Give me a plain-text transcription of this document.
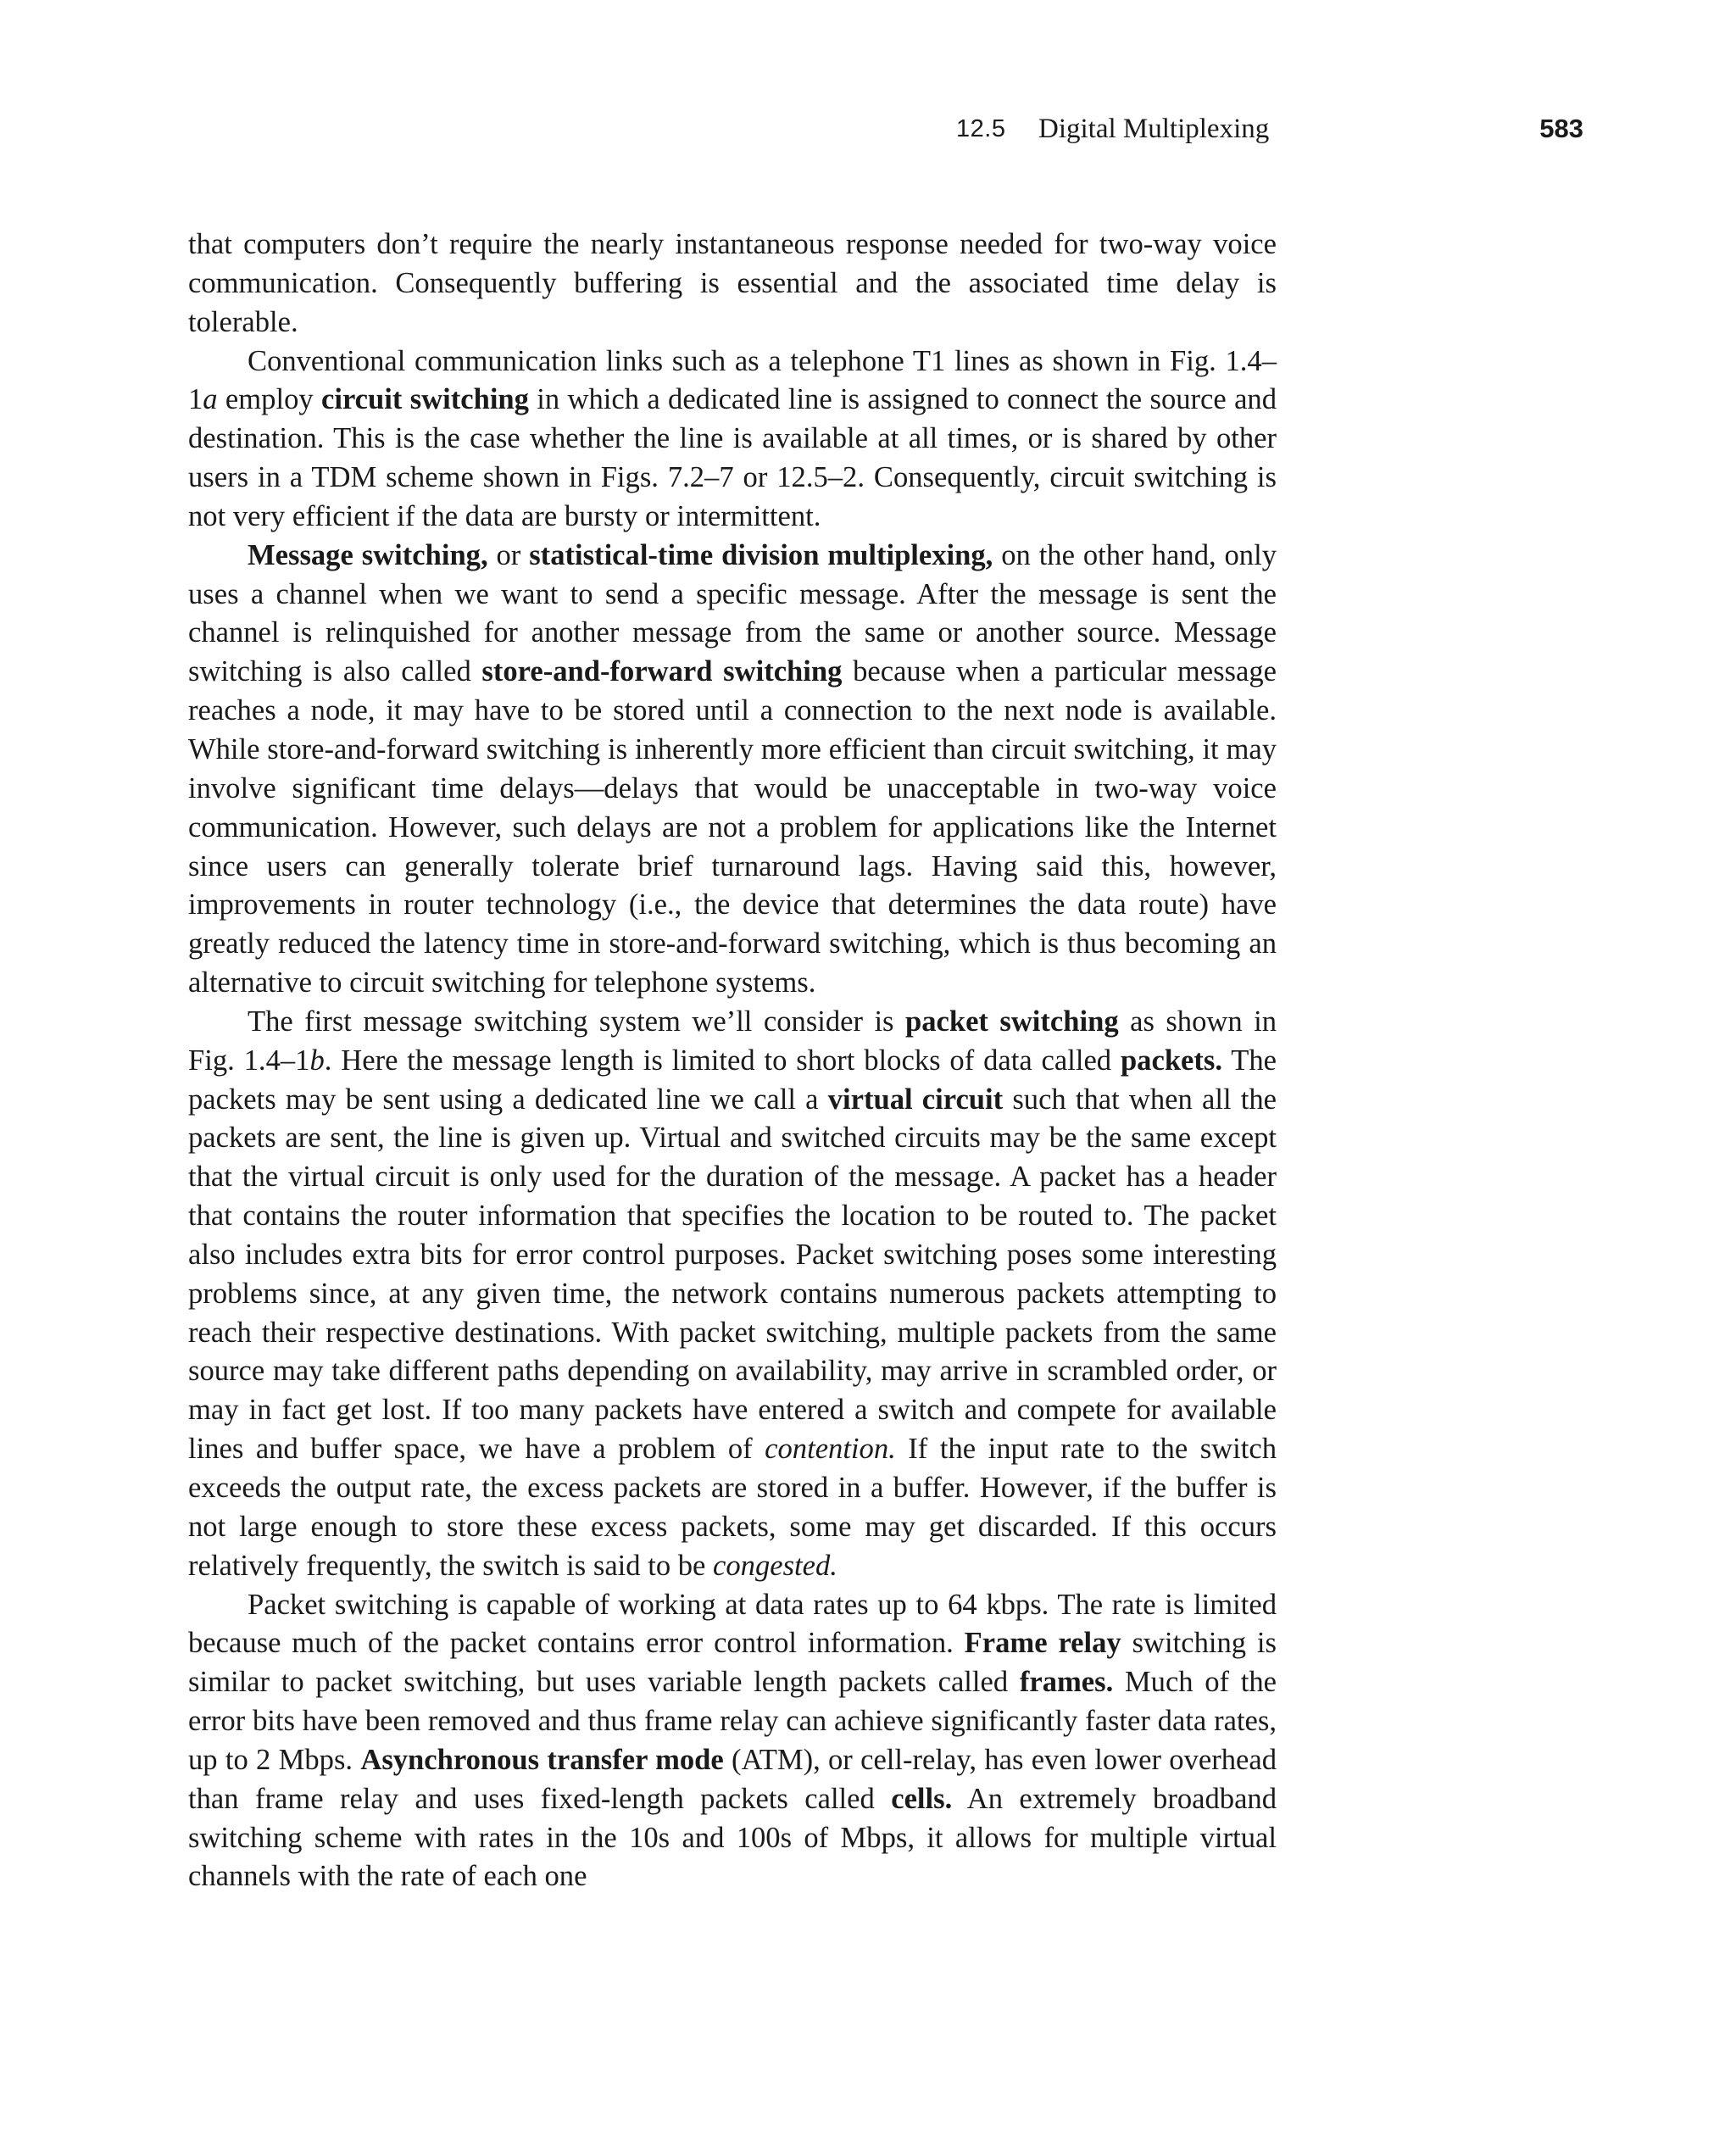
12.5 Digital Multiplexing	583

that computers don’t require the nearly instantaneous response needed for two-way voice communication. Consequently buffering is essential and the associated time delay is tolerable.

Conventional communication links such as a telephone T1 lines as shown in Fig. 1.4–1a employ circuit switching in which a dedicated line is assigned to connect the source and destination. This is the case whether the line is available at all times, or is shared by other users in a TDM scheme shown in Figs. 7.2–7 or 12.5–2. Consequently, circuit switching is not very efficient if the data are bursty or intermittent.

Message switching, or statistical-time division multiplexing, on the other hand, only uses a channel when we want to send a specific message. After the message is sent the channel is relinquished for another message from the same or another source. Message switching is also called store-and-forward switching because when a particular message reaches a node, it may have to be stored until a connection to the next node is available. While store-and-forward switching is inherently more efficient than circuit switching, it may involve significant time delays—delays that would be unacceptable in two-way voice communication. However, such delays are not a problem for applications like the Internet since users can generally tolerate brief turnaround lags. Having said this, however, improvements in router technology (i.e., the device that determines the data route) have greatly reduced the latency time in store-and-forward switching, which is thus becoming an alternative to circuit switching for telephone systems.

The first message switching system we’ll consider is packet switching as shown in Fig. 1.4–1b. Here the message length is limited to short blocks of data called packets. The packets may be sent using a dedicated line we call a virtual circuit such that when all the packets are sent, the line is given up. Virtual and switched circuits may be the same except that the virtual circuit is only used for the duration of the message. A packet has a header that contains the router information that specifies the location to be routed to. The packet also includes extra bits for error control purposes. Packet switching poses some interesting problems since, at any given time, the network contains numerous packets attempting to reach their respective destinations. With packet switching, multiple packets from the same source may take different paths depending on availability, may arrive in scrambled order, or may in fact get lost. If too many packets have entered a switch and compete for available lines and buffer space, we have a problem of contention. If the input rate to the switch exceeds the output rate, the excess packets are stored in a buffer. However, if the buffer is not large enough to store these excess packets, some may get discarded. If this occurs relatively frequently, the switch is said to be congested.

Packet switching is capable of working at data rates up to 64 kbps. The rate is limited because much of the packet contains error control information. Frame relay switching is similar to packet switching, but uses variable length packets called frames. Much of the error bits have been removed and thus frame relay can achieve significantly faster data rates, up to 2 Mbps. Asynchronous transfer mode (ATM), or cell-relay, has even lower overhead than frame relay and uses fixed-length packets called cells. An extremely broadband switching scheme with rates in the 10s and 100s of Mbps, it allows for multiple virtual channels with the rate of each one
